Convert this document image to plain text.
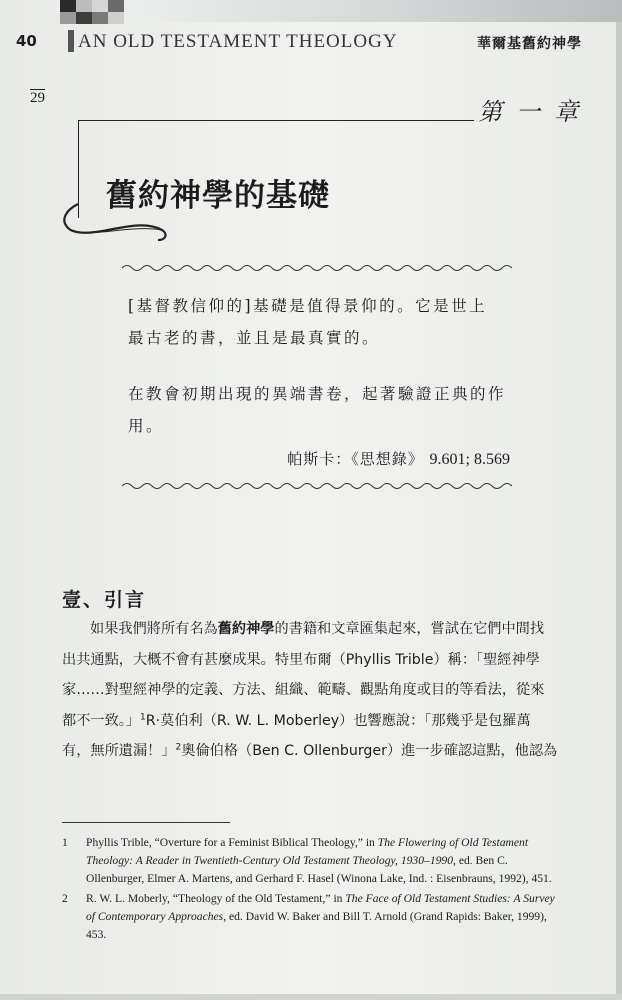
40 AN OLD TESTAMENT THEOLOGY	華爾基舊約神學
29	第一章
舊約神學的基礎
[基督教信仰的]基礎是值得景仰的。它是世上
最古老的書，並且是最真實的。
在教會初期出現的異端書卷，起著驗證正典的作
用。
帕斯卡：《思想錄》 9.601; 8.569
壹、引言
如果我們將所有名為舊約神學的書籍和文章匯集起來，嘗試在它們中間找
出共通點，大概不會有甚麼成果。特里布爾（Phyllis Trible）稱：「聖經神學
家……對聖經神學的定義、方法、組織、範疇、觀點角度或目的等看法，從來
都不一致。」$^1$R·莫伯利（R. W. L. Moberley）也響應說：「那幾乎是包羅萬
有，無所遺漏！」$^2$奧倫伯格（Ben C. Ollenburger）進一步確認這點，他認為
1 Phyllis Trible, “Overture for a Feminist Biblical Theology,” in The Flowering of Old Testament
Theology: A Reader in Twentieth-Century Old Testament Theology, 1930–1990, ed. Ben C.
Ollenburger, Elmer A. Martens, and Gerhard F. Hasel (Winona Lake, Ind. : Eisenbrauns, 1992), 451.
2 R. W. L. Moberly, “Theology of the Old Testament,” in The Face of Old Testament Studies: A Survey
of Contemporary Approaches, ed. David W. Baker and Bill T. Arnold (Grand Rapids: Baker, 1999),
453.
